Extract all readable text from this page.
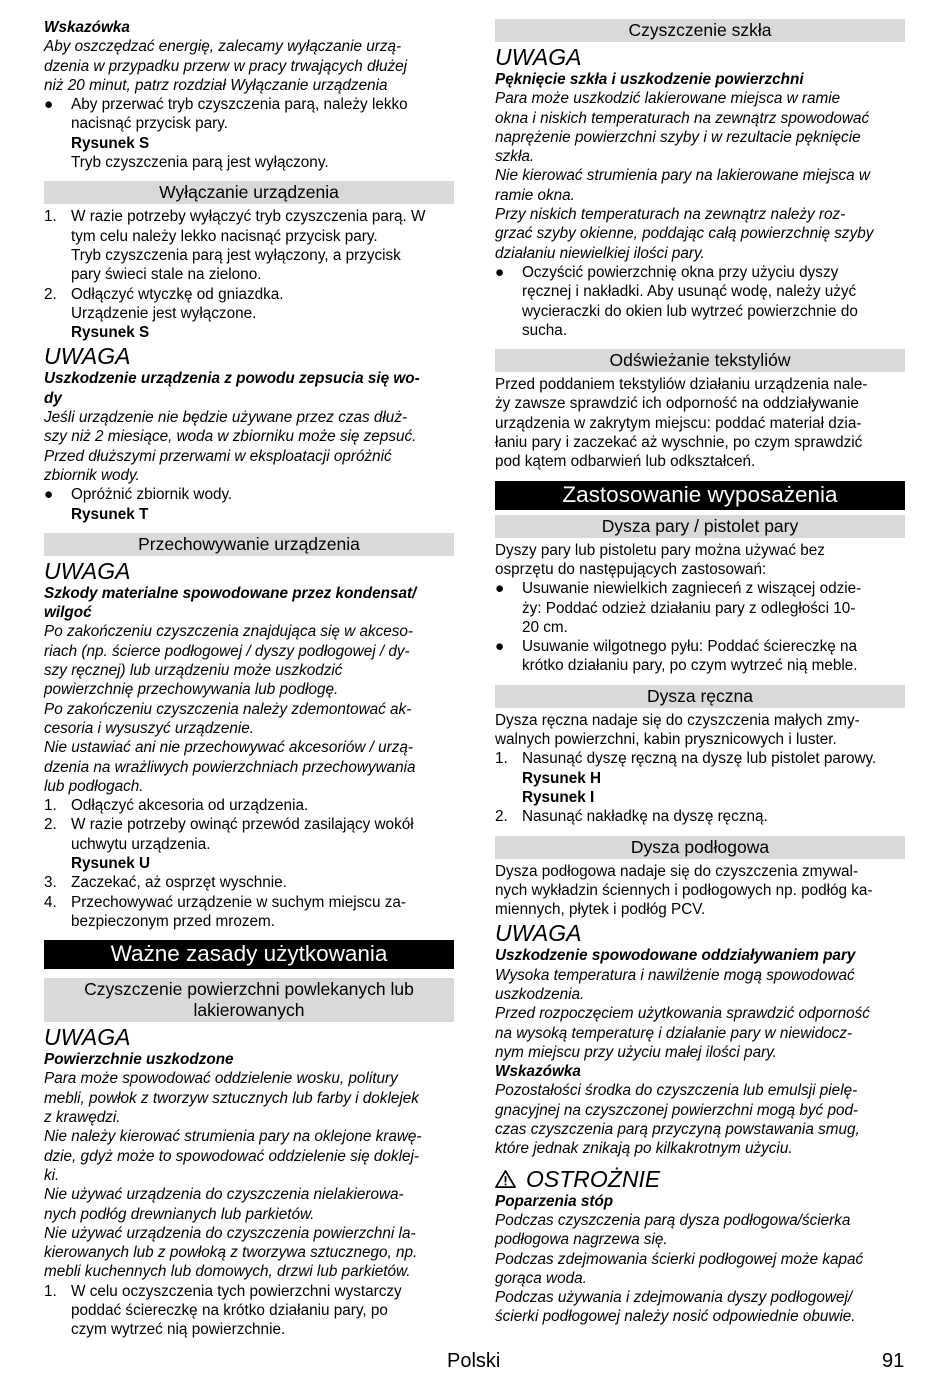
Wskazówka
Aby oszczędzać energię, zalecamy wyłączanie urzą-
dzenia w przypadku przerw w pracy trwających dłużej
niż 20 minut, patrz rozdział Wyłączanie urządzenia
● Aby przerwać tryb czyszczenia parą, należy lekko
nacisnąć przycisk pary.
Rysunek S
Tryb czyszczenia parą jest wyłączony.
Wyłączanie urządzenia
1. W razie potrzeby wyłączyć tryb czyszczenia parą. W
tym celu należy lekko nacisnąć przycisk pary.
Tryb czyszczenia parą jest wyłączony, a przycisk
pary świeci stale na zielono.
2. Odłączyć wtyczkę od gniazdka.
Urządzenie jest wyłączone.
Rysunek S
UWAGA
Uszkodzenie urządzenia z powodu zepsucia się wo-
dy
Jeśli urządzenie nie będzie używane przez czas dłuż-
szy niż 2 miesiące, woda w zbiorniku może się zepsuć.
Przed dłuższymi przerwami w eksploatacji opróżnić
zbiornik wody.
● Opróżnić zbiornik wody.
Rysunek T
Przechowywanie urządzenia
UWAGA
Szkody materialne spowodowane przez kondensat/
wilgoć
Po zakończeniu czyszczenia znajdująca się w akceso-
riach (np. ścierce podłogowej / dyszy podłogowej / dy-
szy ręcznej) lub urządzeniu może uszkodzić
powierzchnię przechowywania lub podłogę.
Po zakończeniu czyszczenia należy zdemontować ak-
cesoria i wysuszyć urządzenie.
Nie ustawiać ani nie przechowywać akcesoriów / urzą-
dzenia na wrażliwych powierzchniach przechowywania
lub podłogach.
1. Odłączyć akcesoria od urządzenia.
2. W razie potrzeby owinąć przewód zasilający wokół
uchwytu urządzenia.
Rysunek U
3. Zaczekać, aż osprzęt wyschnie.
4. Przechowywać urządzenie w suchym miejscu za-
bezpieczonym przed mrozem.
Ważne zasady użytkowania
Czyszczenie powierzchni powlekanych lub
lakierowanych
UWAGA
Powierzchnie uszkodzone
Para może spowodować oddzielenie wosku, politury
mebli, powłok z tworzyw sztucznych lub farby i doklejek
z krawędzi.
Nie należy kierować strumienia pary na oklejone krawę-
dzie, gdyż może to spowodować oddzielenie się doklej-
ki.
Nie używać urządzenia do czyszczenia nielakierowa-
nych podłóg drewnianych lub parkietów.
Nie używać urządzenia do czyszczenia powierzchni la-
kierowanych lub z powłoką z tworzywa sztucznego, np.
mebli kuchennych lub domowych, drzwi lub parkietów.
1. W celu oczyszczenia tych powierzchni wystarczy
poddać ściereczkę na krótko działaniu pary, po
czym wytrzeć nią powierzchnie.
Czyszczenie szkła
UWAGA
Pęknięcie szkła i uszkodzenie powierzchni
Para może uszkodzić lakierowane miejsca w ramie
okna i niskich temperaturach na zewnątrz spowodować
naprężenie powierzchni szyby i w rezultacie pęknięcie
szkła.
Nie kierować strumienia pary na lakierowane miejsca w
ramie okna.
Przy niskich temperaturach na zewnątrz należy roz-
grzać szyby okienne, poddając całą powierzchnię szyby
działaniu niewielkiej ilości pary.
● Oczyścić powierzchnię okna przy użyciu dyszy
ręcznej i nakładki. Aby usunąć wodę, należy użyć
wycieraczki do okien lub wytrzeć powierzchnie do
sucha.
Odświeżanie tekstyliów
Przed poddaniem tekstyliów działaniu urządzenia nale-
ży zawsze sprawdzić ich odporność na oddziaływanie
urządzenia w zakrytym miejscu: poddać materiał dzia-
łaniu pary i zaczekać aż wyschnie, po czym sprawdzić
pod kątem odbarwień lub odkształceń.
Zastosowanie wyposażenia
Dysza pary / pistolet pary
Dyszy pary lub pistoletu pary można używać bez
osprzętu do następujących zastosowań:
● Usuwanie niewielkich zagnieceń z wiszącej odzie-
ży: Poddać odzież działaniu pary z odległości 10-
20 cm.
● Usuwanie wilgotnego pyłu: Poddać ściereczkę na
krótko działaniu pary, po czym wytrzeć nią meble.
Dysza ręczna
Dysza ręczna nadaje się do czyszczenia małych zmy-
walnych powierzchni, kabin prysznicowych i luster.
1. Nasunąć dyszę ręczną na dyszę lub pistolet parowy.
Rysunek H
Rysunek I
2. Nasunąć nakładkę na dyszę ręczną.
Dysza podłogowa
Dysza podłogowa nadaje się do czyszczenia zmywal-
nych wykładzin ściennych i podłogowych np. podłóg ka-
miennych, płytek i podłóg PCV.
UWAGA
Uszkodzenie spowodowane oddziaływaniem pary
Wysoka temperatura i nawilżenie mogą spowodować
uszkodzenia.
Przed rozpoczęciem użytkowania sprawdzić odporność
na wysoką temperaturę i działanie pary w niewidocz-
nym miejscu przy użyciu małej ilości pary.
Wskazówka
Pozostałości środka do czyszczenia lub emulsji pielę-
gnacyjnej na czyszczonej powierzchni mogą być pod-
czas czyszczenia parą przyczyną powstawania smug,
które jednak znikają po kilkakrotnym użyciu.
OSTROŻNIE
Poparzenia stóp
Podczas czyszczenia parą dysza podłogowa/ścierka
podłogowa nagrzewa się.
Podczas zdejmowania ścierki podłogowej może kapać
gorąca woda.
Podczas używania i zdejmowania dyszy podłogowej/
ścierki podłogowej należy nosić odpowiednie obuwie.
Polski	91
